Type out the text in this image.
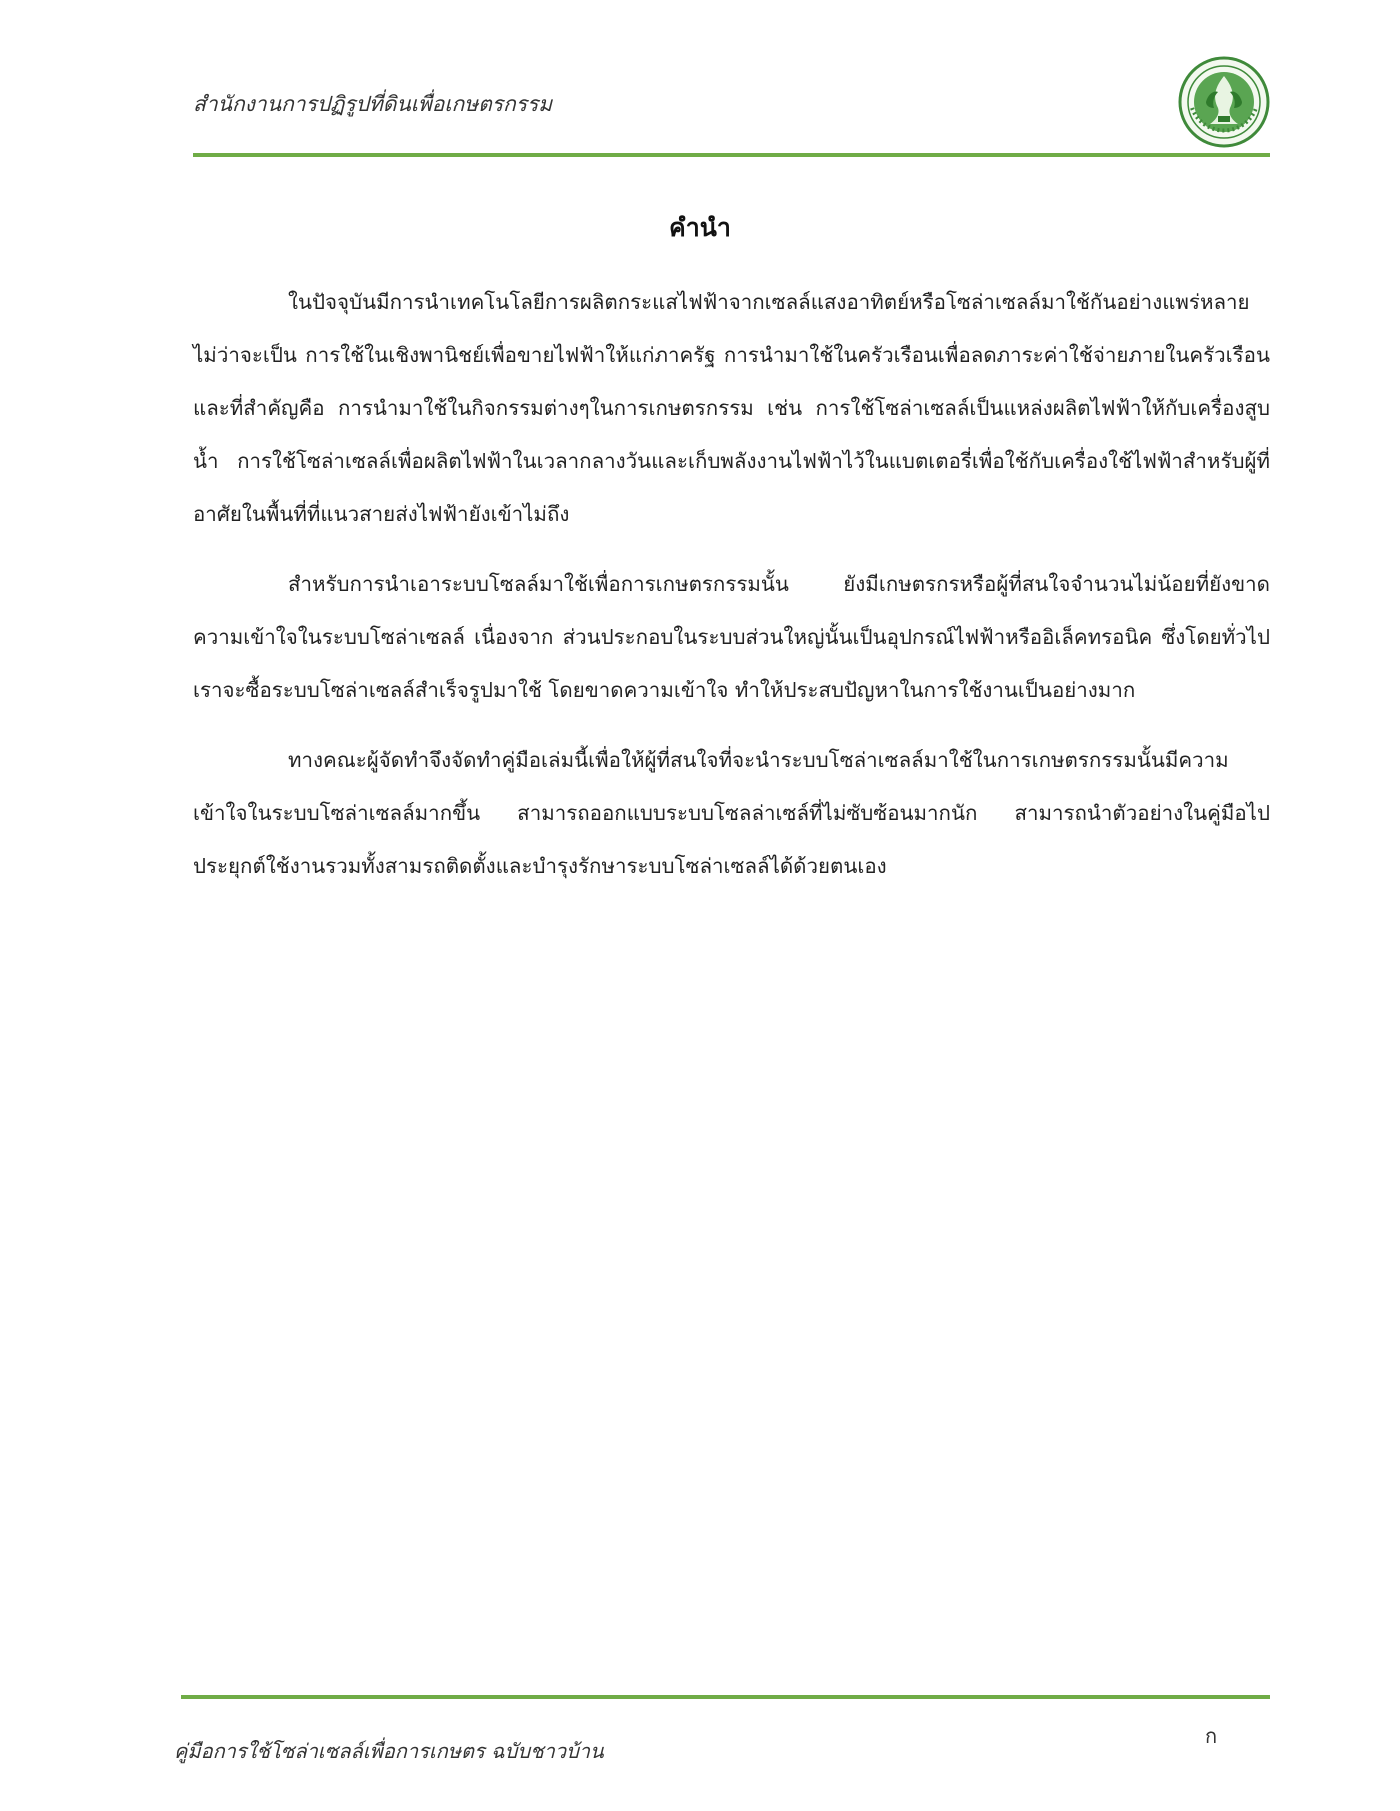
สำนักงานการปฏิรูปที่ดินเพื่อเกษตรกรรม
คำนำ

ในปัจจุบันมีการนำเทคโนโลยีการผลิตกระแสไฟฟ้าจากเซลล์แสงอาทิตย์หรือโซล่าเซลล์มาใช้กันอย่างแพร่หลาย ไม่ว่าจะเป็น การใช้ในเชิงพานิชย์เพื่อขายไฟฟ้าให้แก่ภาครัฐ การนำมาใช้ในครัวเรือนเพื่อลดภาระค่าใช้จ่ายภายในครัวเรือน และที่สำคัญคือ การนำมาใช้ในกิจกรรมต่างๆในการเกษตรกรรม เช่น การใช้โซล่าเซลล์เป็นแหล่งผลิตไฟฟ้าให้กับเครื่องสูบน้ำ การใช้โซล่าเซลล์เพื่อผลิตไฟฟ้าในเวลากลางวันและเก็บพลังงานไฟฟ้าไว้ในแบตเตอรี่เพื่อใช้กับเครื่องใช้ไฟฟ้าสำหรับผู้ที่อาศัยในพื้นที่ที่แนวสายส่งไฟฟ้ายังเข้าไม่ถึง

สำหรับการนำเอาระบบโซลล์มาใช้เพื่อการเกษตรกรรมนั้น ยังมีเกษตรกรหรือผู้ที่สนใจจำนวนไม่น้อยที่ยังขาดความเข้าใจในระบบโซล่าเซลล์ เนื่องจาก ส่วนประกอบในระบบส่วนใหญ่นั้นเป็นอุปกรณ์ไฟฟ้าหรืออิเล็คทรอนิค ซึ่งโดยทั่วไปเราจะซื้อระบบโซล่าเซลล์สำเร็จรูปมาใช้ โดยขาดความเข้าใจ ทำให้ประสบปัญหาในการใช้งานเป็นอย่างมาก

ทางคณะผู้จัดทำจึงจัดทำคู่มือเล่มนี้เพื่อให้ผู้ที่สนใจที่จะนำระบบโซล่าเซลล์มาใช้ในการเกษตรกรรมนั้นมีความเข้าใจในระบบโซล่าเซลล์มากขึ้น สามารถออกแบบระบบโซลล่าเซล์ที่ไม่ซับซ้อนมากนัก สามารถนำตัวอย่างในคู่มือไปประยุกต์ใช้งานรวมทั้งสามรถติดตั้งและบำรุงรักษาระบบโซล่าเซลล์ได้ด้วยตนเอง

คู่มือการใช้โซล่าเซลล์เพื่อการเกษตร ฉบับชาวบ้าน
ก
